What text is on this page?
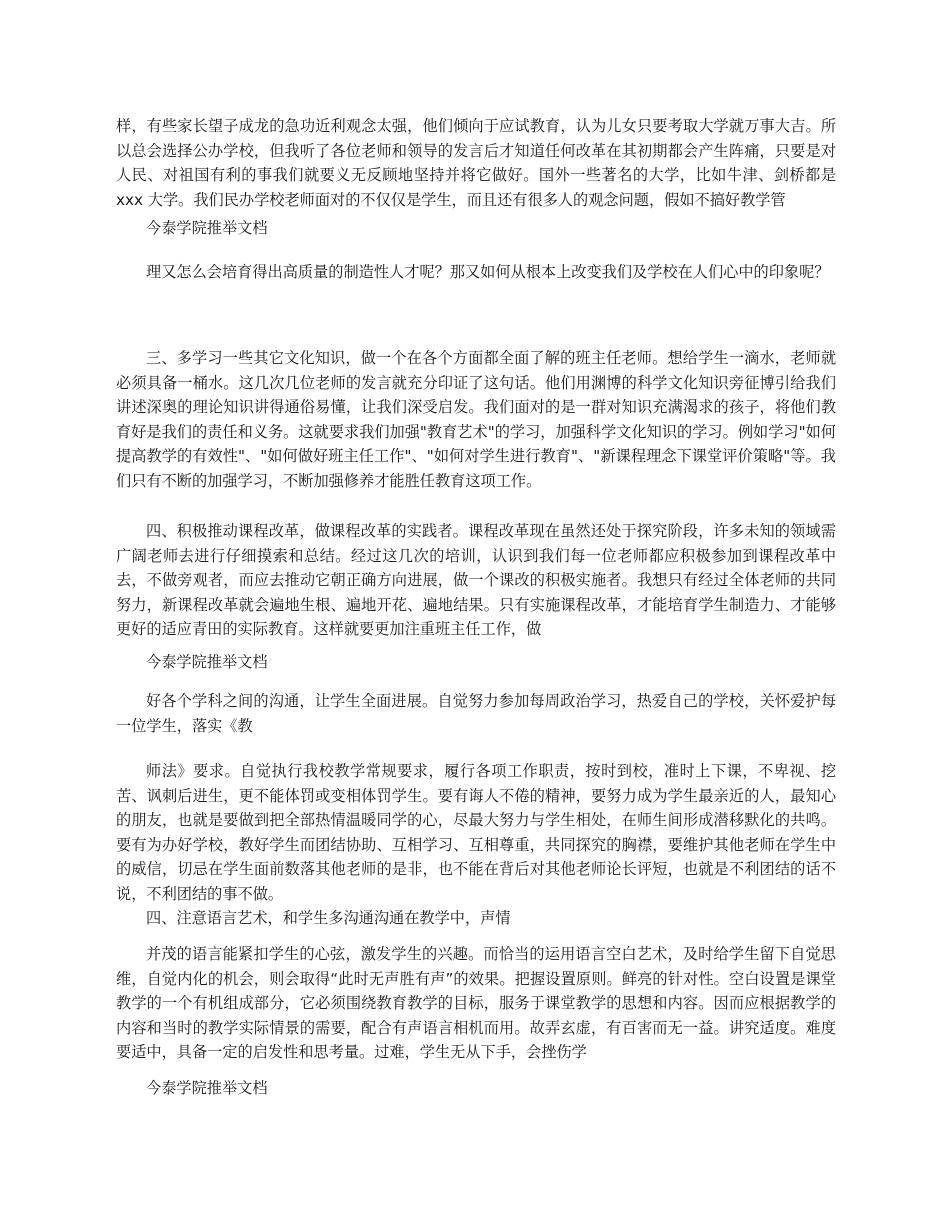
样，有些家长望子成龙的急功近利观念太强，他们倾向于应试教育，认为儿女只要考取大学就万事大吉。所以总会选择公办学校，但我听了各位老师和领导的发言后才知道任何改革在其初期都会产生阵痛，只要是对人民、对祖国有利的事我们就要义无反顾地坚持并将它做好。国外一些著名的大学，比如牛津、剑桥都是 xxx 大学。我们民办学校老师面对的不仅仅是学生，而且还有很多人的观念问题，假如不搞好教学管

今泰学院推举文档

理又怎么会培育得出高质量的制造性人才呢？那又如何从根本上改变我们及学校在人们心中的印象呢？

三、多学习一些其它文化知识，做一个在各个方面都全面了解的班主任老师。想给学生一滴水，老师就必须具备一桶水。这几次几位老师的发言就充分印证了这句话。他们用渊博的科学文化知识旁征博引给我们讲述深奥的理论知识讲得通俗易懂，让我们深受启发。我们面对的是一群对知识充满渴求的孩子，将他们教育好是我们的责任和义务。这就要求我们加强"教育艺术"的学习，加强科学文化知识的学习。例如学习"如何提高教学的有效性"、"如何做好班主任工作"、"如何对学生进行教育"、"新课程理念下课堂评价策略"等。我们只有不断的加强学习，不断加强修养才能胜任教育这项工作。

四、积极推动课程改革，做课程改革的实践者。课程改革现在虽然还处于探究阶段，许多未知的领域需广阔老师去进行仔细摸索和总结。经过这几次的培训，认识到我们每一位老师都应积极参加到课程改革中去，不做旁观者，而应去推动它朝正确方向进展，做一个课改的积极实施者。我想只有经过全体老师的共同努力，新课程改革就会遍地生根、遍地开花、遍地结果。只有实施课程改革，才能培育学生制造力、才能够更好的适应青田的实际教育。这样就要更加注重班主任工作，做

今泰学院推举文档

好各个学科之间的沟通，让学生全面进展。自觉努力参加每周政治学习，热爱自己的学校，关怀爱护每一位学生，落实《教

师法》要求。自觉执行我校教学常规要求，履行各项工作职责，按时到校，准时上下课，不卑视、挖苦、讽刺后进生，更不能体罚或变相体罚学生。要有诲人不倦的精神，要努力成为学生最亲近的人，最知心的朋友，也就是要做到把全部热情温暖同学的心，尽最大努力与学生相处，在师生间形成潜移默化的共鸣。要有为办好学校，教好学生而团结协助、互相学习、互相尊重，共同探究的胸襟，要维护其他老师在学生中的威信，切忌在学生面前数落其他老师的是非，也不能在背后对其他老师论长评短，也就是不利团结的话不说，不利团结的事不做。

四、注意语言艺术，和学生多沟通沟通在教学中，声情

并茂的语言能紧扣学生的心弦，激发学生的兴趣。而恰当的运用语言空白艺术，及时给学生留下自觉思维，自觉内化的机会，则会取得“此时无声胜有声”的效果。把握设置原则。鲜亮的针对性。空白设置是课堂教学的一个有机组成部分，它必须围绕教育教学的目标，服务于课堂教学的思想和内容。因而应根据教学的内容和当时的教学实际情景的需要，配合有声语言相机而用。故弄玄虚，有百害而无一益。讲究适度。难度要适中，具备一定的启发性和思考量。过难，学生无从下手，会挫伤学

今泰学院推举文档
